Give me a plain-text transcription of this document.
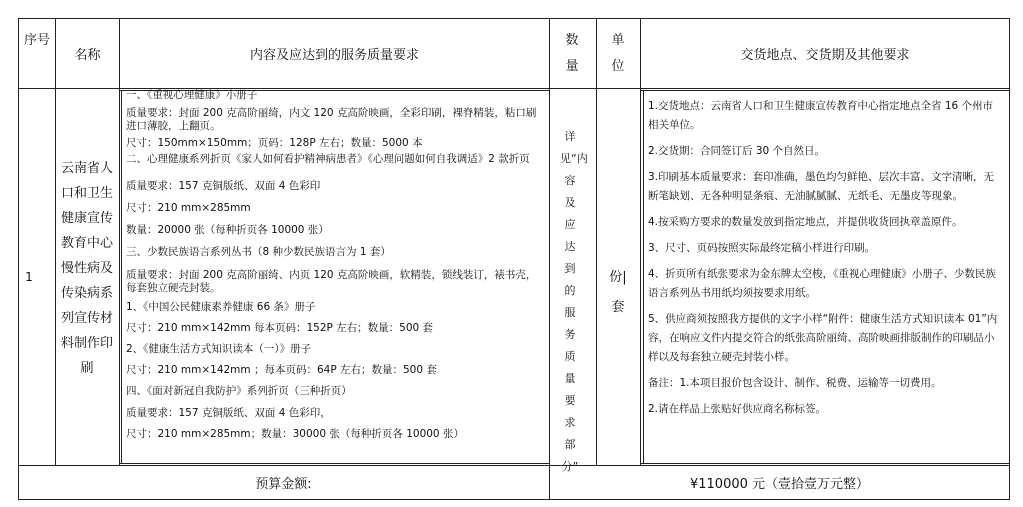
序号
名称	内容及应达到的服务质量要求
数量
单位
交货地点、交货期及其他要求
1
云南省人口和卫生健康宣传教育中心慢性病及传染病系列宣传材料制作印刷

一、《重视心理健康》小册子

质量要求：封面 200 克高阶丽绮，内文 120 克高阶映画，全彩印刷，裸脊精装，粘口刷进口薄胶，上翻页。

尺寸：150mm×150mm；页码：128P 左右；数量：5000 本

二、心理健康系列折页《家人如何看护精神病患者》《心理问题如何自我调适》2 款折页

质量要求：157 克铜版纸、双面 4 色彩印

尺寸：210 mm×285mm

数量：20000 张（每种折页各 10000 张）

三、少数民族语言系列丛书（8 种少数民族语言为 1 套）

质量要求：封面 200 克高阶丽绮、内页 120 克高阶映画，软精装，锁线装订，裱书壳，每套独立硬壳封装。

1、《中国公民健康素养健康 66 条》册子

尺寸：210 mm×142mm 每本页码：152P 左右；数量：500 套

2、《健康生活方式知识读本（一）》册子

尺寸：210 mm×142mm ；每本页码：64P 左右；数量：500 套

四、《面对新冠自我防护》系列折页（三种折页）

质量要求：157 克铜版纸、双面 4 色彩印，

尺寸：210 mm×285mm；数量：30000 张（每种折页各 10000 张）

详见“内容及应达到的服务质量要求部分”
份|套

1.交货地点：云南省人口和卫生健康宣传教育中心指定地点全省 16 个州市相关单位。

2.交货期：合同签订后 30 个自然日。

3.印刷基本质量要求：套印准确，墨色均匀鲜艳、层次丰富、文字清晰，无断笔缺划、无各种明显条痕、无油腻腻腻、无纸毛、无墨皮等现象。

4.按采购方要求的数量发放到指定地点，并提供收货回执章盖原件。

3、尺寸、页码按照实际最终定稿小样进行印刷。

4、折页所有纸张要求为金东牌太空梭，《重视心理健康》小册子、少数民族语言系列丛书用纸均须按要求用纸。

5、供应商须按照我方提供的文字小样“附件：健康生活方式知识读本 01”内容，在响应文件内提交符合的纸张高阶丽绮、高阶映画排版制作的印刷品小样以及每套独立硬壳封装小样。

备注：1.本项目报价包含设计、制作、税费、运输等一切费用。

2.请在样品上张贴好供应商名称标签。

预算金额:	¥110000 元（壹拾壹万元整）
